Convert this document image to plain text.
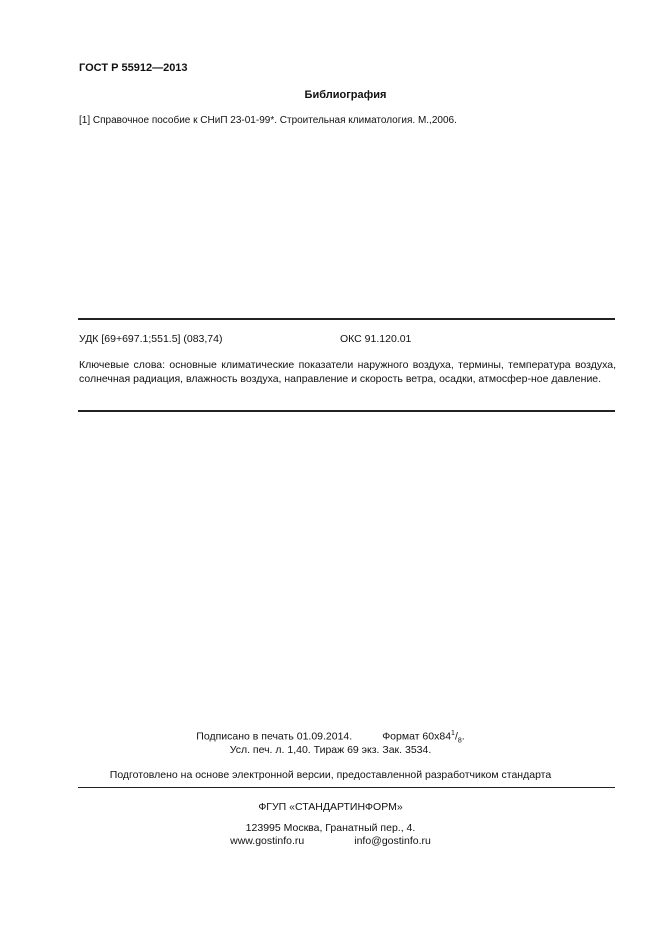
ГОСТ Р 55912—2013
Библиография
[1] Справочное пособие к СНиП 23-01-99*. Строительная климатология. М.,2006.
УДК [69+697.1;551.5] (083,74)	ОКС 91.120.01
Ключевые слова: основные климатические показатели наружного воздуха, термины, температура воздуха, солнечная радиация, влажность воздуха, направление и скорость ветра, осадки, атмосфер-ное давление.
Подписано в печать 01.09.2014.	Формат $60х84^1/_8$.
Усл. печ. л. 1,40. Тираж 69 экз. Зак. 3534.
Подготовлено на основе электронной версии, предоставленной разработчиком стандарта
ФГУП «СТАНДАРТИНФОРМ»
123995 Москва, Гранатный пер., 4.
www.gostinfo.ru	info@gostinfo.ru
